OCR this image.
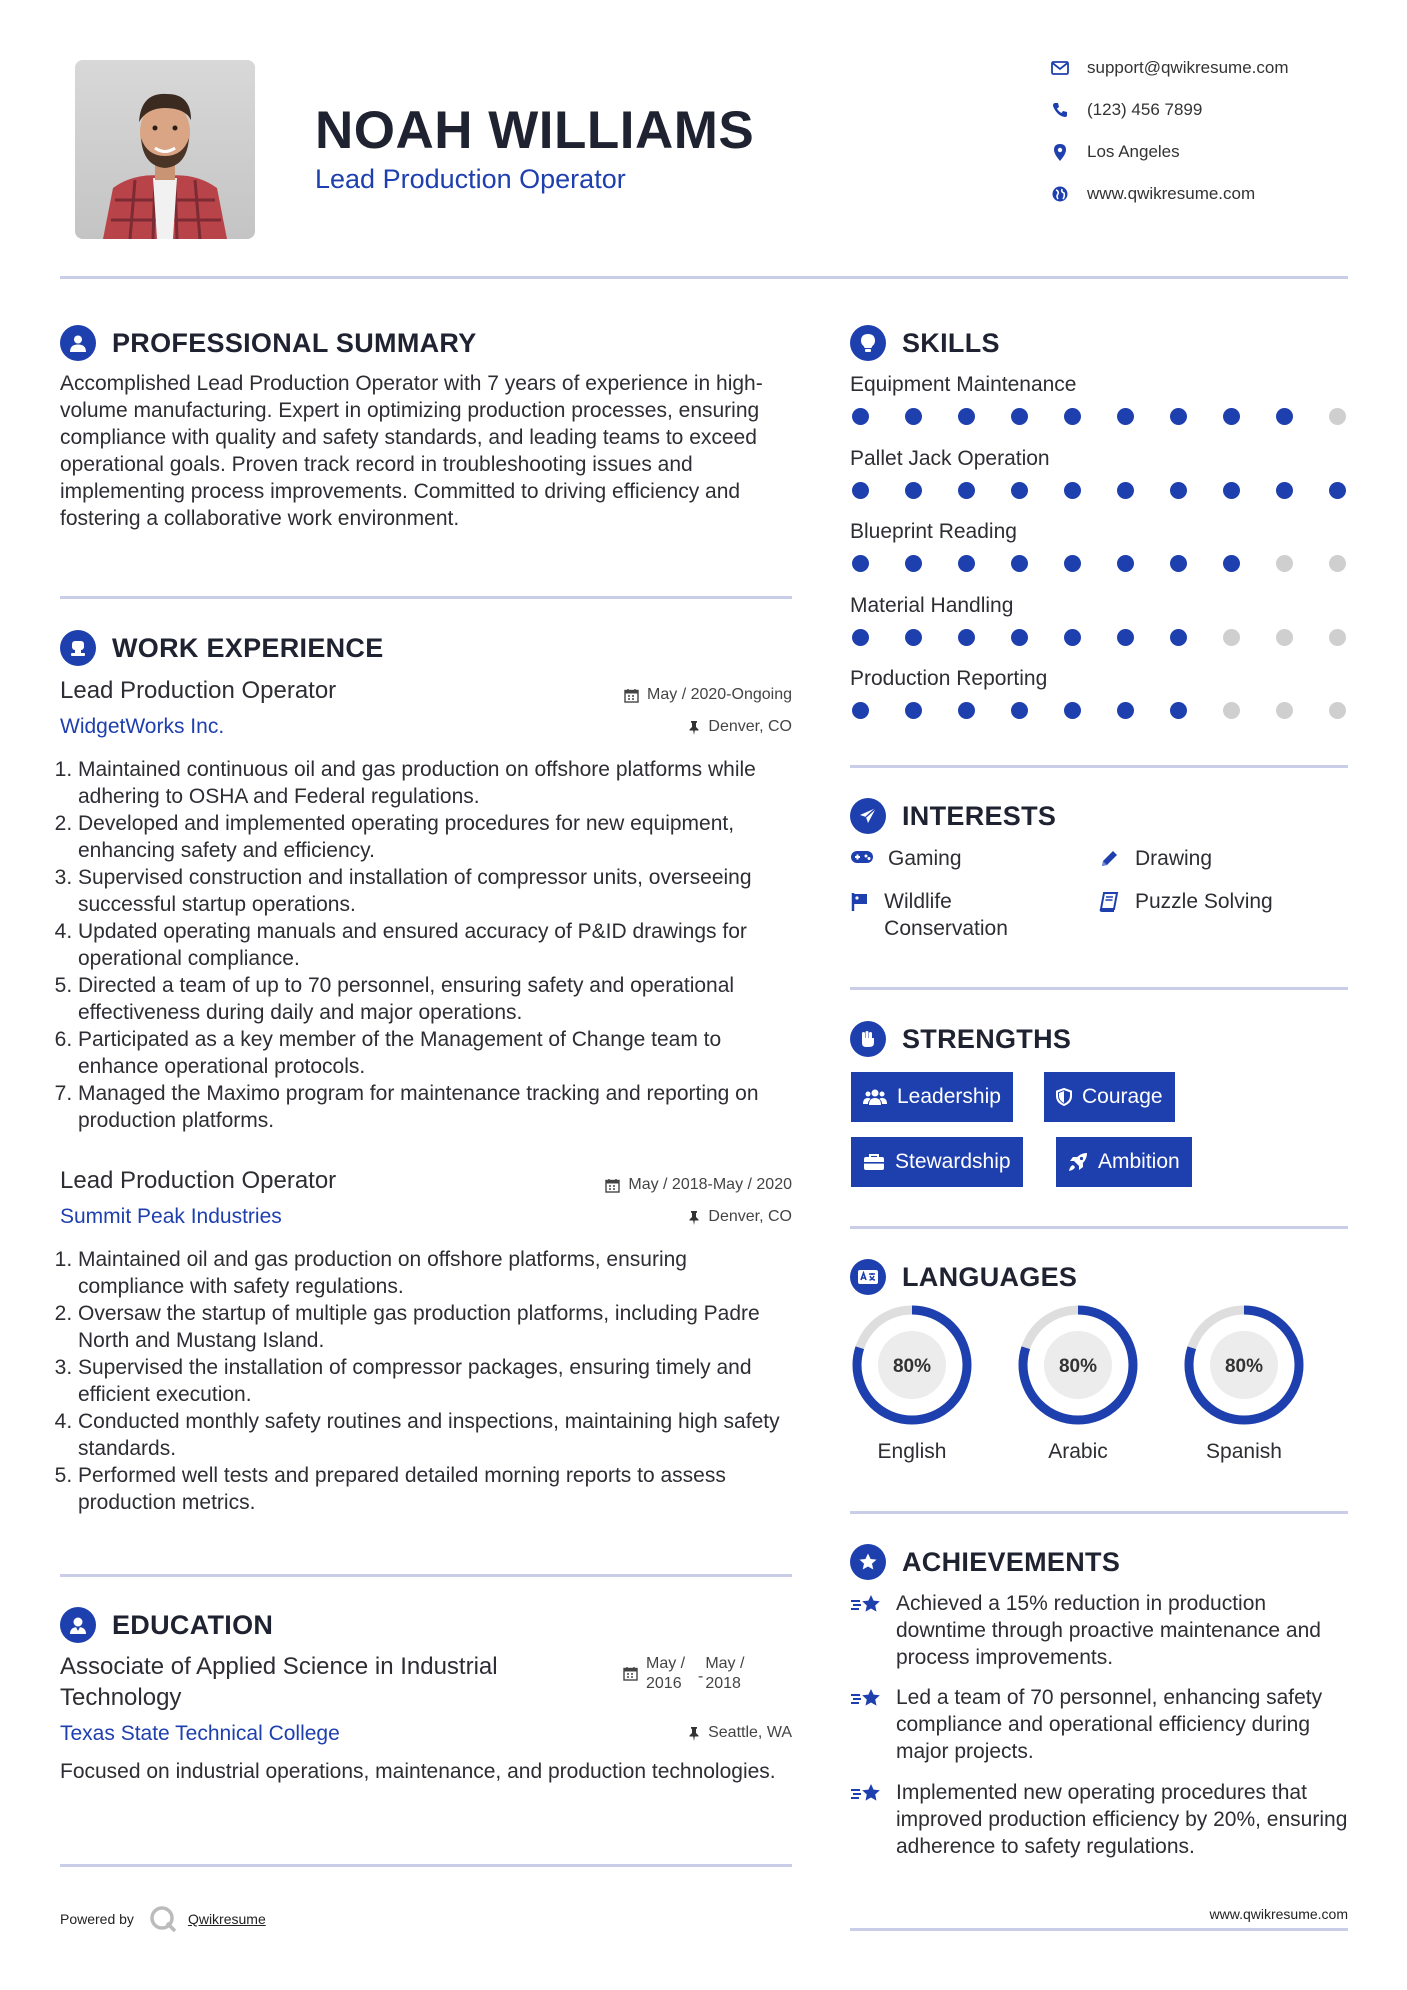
NOAH WILLIAMS
Lead Production Operator
support@qwikresume.com
(123) 456 7899
Los Angeles
www.qwikresume.com
PROFESSIONAL SUMMARY
Accomplished Lead Production Operator with 7 years of experience in high-volume manufacturing. Expert in optimizing production processes, ensuring compliance with quality and safety standards, and leading teams to exceed operational goals. Proven track record in troubleshooting issues and implementing process improvements. Committed to driving efficiency and fostering a collaborative work environment.
WORK EXPERIENCE
Lead Production Operator	May / 2020-Ongoing
WidgetWorks Inc.	Denver, CO
1. Maintained continuous oil and gas production on offshore platforms while adhering to OSHA and Federal regulations.
2. Developed and implemented operating procedures for new equipment, enhancing safety and efficiency.
3. Supervised construction and installation of compressor units, overseeing successful startup operations.
4. Updated operating manuals and ensured accuracy of P&ID drawings for operational compliance.
5. Directed a team of up to 70 personnel, ensuring safety and operational effectiveness during daily and major operations.
6. Participated as a key member of the Management of Change team to enhance operational protocols.
7. Managed the Maximo program for maintenance tracking and reporting on production platforms.
Lead Production Operator	May / 2018-May / 2020
Summit Peak Industries	Denver, CO
1. Maintained oil and gas production on offshore platforms, ensuring compliance with safety regulations.
2. Oversaw the startup of multiple gas production platforms, including Padre North and Mustang Island.
3. Supervised the installation of compressor packages, ensuring timely and efficient execution.
4. Conducted monthly safety routines and inspections, maintaining high safety standards.
5. Performed well tests and prepared detailed morning reports to assess production metrics.
EDUCATION
Associate of Applied Science in Industrial Technology
May / 2016	-
May / 2018
Texas State Technical College	Seattle, WA
Focused on industrial operations, maintenance, and production technologies.
Powered by	Qwikresume
SKILLS
Equipment Maintenance
Pallet Jack Operation
Blueprint Reading
Material Handling
Production Reporting
INTERESTS
Gaming	Drawing
Wildlife Conservation
Puzzle Solving
STRENGTHS
Leadership	Courage
Stewardship	Ambition
LANGUAGES
80%
English
80%
Arabic
80%
Spanish
ACHIEVEMENTS
Achieved a 15% reduction in production downtime through proactive maintenance and process improvements.
Led a team of 70 personnel, enhancing safety compliance and operational efficiency during major projects.
Implemented new operating procedures that improved production efficiency by 20%, ensuring adherence to safety regulations.
www.qwikresume.com
